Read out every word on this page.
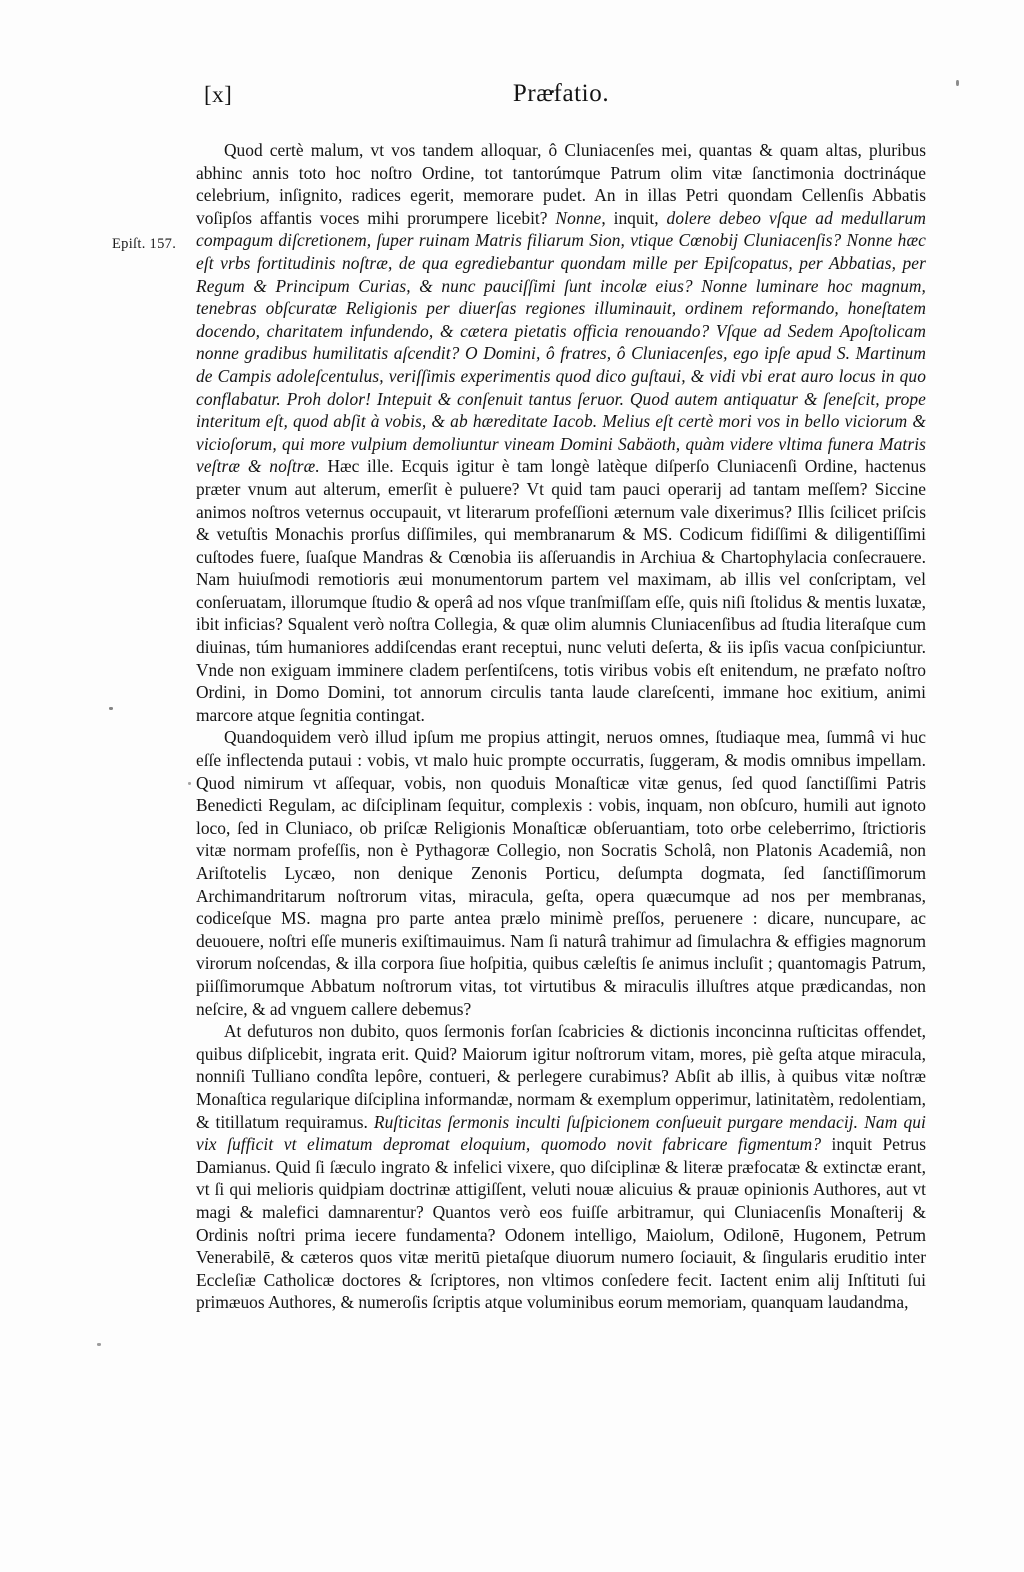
[x]	Præfatio.
Epiſt. 157.

Quod certè malum, vt vos tandem alloquar, ô Cluniacenſes mei, quantas & quam altas, pluribus abhinc annis toto hoc noſtro Ordine, tot tantorúmque Patrum olim vitæ ſanctimonia doctrináque celebrium, inſignito, radices egerit, memorare pudet. An in illas Petri quondam Cellenſis Abbatis voſipſos affantis voces mihi prorumpere licebit? Nonne, inquit, dolere debeo vſque ad medullarum compagum diſcretionem, ſuper ruinam Matris filiarum Sion, vtique Cœnobij Cluniacenſis? Nonne hæc eſt vrbs fortitudinis noſtræ, de qua egrediebantur quondam mille per Epiſcopatus, per Abbatias, per Regum & Principum Curias, & nunc pauciſſimi ſunt incolæ eius? Nonne luminare hoc magnum, tenebras obſcuratæ Religionis per diuerſas regiones illuminauit, ordinem reformando, honeſtatem docendo, charitatem infundendo, & cætera pietatis officia renouando? Vſque ad Sedem Apoſtolicam nonne gradibus humilitatis aſcendit? O Domini, ô fratres, ô Cluniacenſes, ego ipſe apud S. Martinum de Campis adoleſcentulus, veriſſimis experimentis quod dico guſtaui, & vidi vbi erat auro locus in quo conflabatur. Proh dolor! Intepuit & conſenuit tantus ſeruor. Quod autem antiquatur & ſeneſcit, prope interitum eſt, quod abſit à vobis, & ab hæreditate Iacob. Melius eſt certè mori vos in bello viciorum & vicioſorum, qui more vulpium demoliuntur vineam Domini Sabäoth, quàm videre vltima funera Matris veſtræ & noſtræ. Hæc ille. Ecquis igitur è tam longè latèque diſperſo Cluniacenſi Ordine, hactenus præter vnum aut alterum, emerſit è puluere? Vt quid tam pauci operarij ad tantam meſſem? Siccine animos noſtros veternus occupauit, vt literarum profeſſioni æternum vale dixerimus? Illis ſcilicet priſcis & vetuſtis Monachis prorſus diſſimiles, qui membranarum & MS. Codicum fidiſſimi & diligentiſſimi cuſtodes fuere, ſuaſque Mandras & Cœnobia iis aſſeruandis in Archiua & Chartophylacia conſecrauere. Nam huiuſmodi remotioris æui monumentorum partem vel maximam, ab illis vel conſcriptam, vel conſeruatam, illorumque ſtudio & operâ ad nos vſque tranſmiſſam eſſe, quis niſi ſtolidus & mentis luxatæ, ibit inficias? Squalent verò noſtra Collegia, & quæ olim alumnis Cluniacenſibus ad ſtudia literaſque cum diuinas, túm humaniores addiſcendas erant receptui, nunc veluti deſerta, & iis ipſis vacua conſpiciuntur. Vnde non exiguam imminere cladem perſentiſcens, totis viribus vobis eſt enitendum, ne præfato noſtro Ordini, in Domo Domini, tot annorum circulis tanta laude clareſcenti, immane hoc exitium, animi marcore atque ſegnitia contingat.

Quandoquidem verò illud ipſum me propius attingit, neruos omnes, ſtudiaque mea, ſummâ vi huc eſſe inflectenda putaui : vobis, vt malo huic prompte occurratis, ſuggeram, & modis omnibus impellam. Quod nimirum vt aſſequar, vobis, non quoduis Monaſticæ vitæ genus, ſed quod ſanctiſſimi Patris Benedicti Regulam, ac diſciplinam ſequitur, complexis : vobis, inquam, non obſcuro, humili aut ignoto loco, ſed in Cluniaco, ob priſcæ Religionis Monaſticæ obſeruantiam, toto orbe celeberrimo, ſtrictioris vitæ normam profeſſis, non è Pythagoræ Collegio, non Socratis Scholâ, non Platonis Academiâ, non Ariſtotelis Lycæo, non denique Zenonis Porticu, deſumpta dogmata, ſed ſanctiſſimorum Archimandritarum noſtrorum vitas, miracula, geſta, opera quæcumque ad nos per membranas, codiceſque MS. magna pro parte antea prælo minimè preſſos, peruenere : dicare, nuncupare, ac deuouere, noſtri eſſe muneris exiſtimauimus. Nam ſi naturâ trahimur ad ſimulachra & effigies magnorum virorum noſcendas, & illa corpora ſiue hoſpitia, quibus cæleſtis ſe animus incluſit ; quantomagis Patrum, piiſſimorumque Abbatum noſtrorum vitas, tot virtutibus & miraculis illuſtres atque prædicandas, non neſcire, & ad vnguem callere debemus?

At defuturos non dubito, quos ſermonis forſan ſcabricies & dictionis inconcinna ruſticitas offendet, quibus diſplicebit, ingrata erit. Quid? Maiorum igitur noſtrorum vitam, mores, piè geſta atque miracula, nonniſi Tulliano condîta lepôre, contueri, & perlegere curabimus? Abſit ab illis, à quibus vitæ noſtræ Monaſtica regularique diſciplina informandæ, normam & exemplum opperimur, latinitatèm, redolentiam, & titillatum requiramus. Ruſticitas ſermonis inculti ſuſpicionem conſueuit purgare mendacij. Nam qui vix ſufficit vt elimatum depromat eloquium, quomodo novit fabricare figmentum? inquit Petrus Damianus. Quid ſi ſæculo ingrato & infelici vixere, quo diſciplinæ & literæ præfocatæ & extinctæ erant, vt ſi qui melioris quidpiam doctrinæ attigiſſent, veluti nouæ alicuius & prauæ opinionis Authores, aut vt magi & malefici damnarentur? Quantos verò eos fuiſſe arbitramur, qui Cluniacenſis Monaſterij & Ordinis noſtri prima iecere fundamenta? Odonem intelligo, Maiolum, Odilonē, Hugonem, Petrum Venerabilē, & cæteros quos vitæ meritū pietaſque diuorum numero ſociauit, & ſingularis eruditio inter Eccleſiæ Catholicæ doctores & ſcriptores, non vltimos conſedere fecit. Iactent enim alij Inſtituti ſui primæuos Authores, & numeroſis ſcriptis atque voluminibus eorum memoriam, quanquam laudandma,
